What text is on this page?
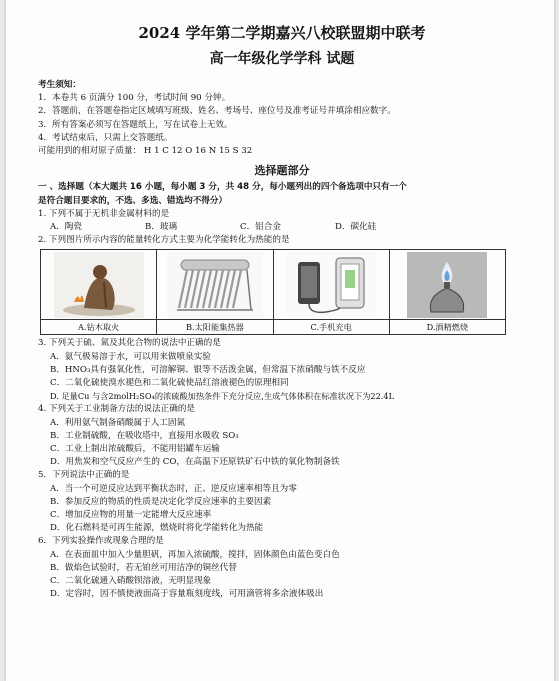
2024 学年第二学期嘉兴八校联盟期中联考
高一年级化学学科 试题
考生须知：
1．本卷共 6 页满分 100 分，考试时间 90 分钟。
2．答题前，在答题卷指定区域填写班级、姓名、考场号、座位号及准考证号并填涂相应数字。
3．所有答案必须写在答题纸上，写在试卷上无效。
4．考试结束后，只需上交答题纸。
可能用到的相对原子质量： H 1 C 12 O 16 N 15 S 32
选择题部分
一 、选择题（本大题共 16 小题，每小题 3 分，共 48 分，每小题列出的四个备选项中只有一个
是符合题目要求的，不选、多选、错选均不得分）
1. 下列不属于无机非金属材料的是
A．陶瓷	B．玻璃	C．铝合金	D．碳化硅
2. 下列图片所示内容的能量转化方式主要为化学能转化为热能的是

A.钻木取火	B.太阳能集热器	C.手机充电	D.酒精燃烧
3. 下列关于硫、氮及其化合物的说法中正确的是
A．氨气极易溶于水，可以用来做喷泉实验
B．HNO₃具有强氧化性，可溶解铜、银等不活泼金属，但常温下浓硝酸与铁不反应
C．二氧化硫使溴水褪色和二氧化硫使品红溶液褪色的原理相同
D. 足量Cu 与含2molH₂SO₄的浓硫酸加热条件下充分反应,生成气体体积在标准状况下为22.4L
4. 下列关于工业制备方法的说法正确的是
A．利用氨气制备硝酸属于人工固氮
B．工业制硫酸，在吸收塔中，直接用水吸收 SO₃
C．工业上制出浓硫酸后，不能用铝罐车运输
D．用焦炭和空气反应产生的 CO，在高温下还原铁矿石中铁的氧化物制备铁
5．下列说法中正确的是
A．当一个可逆反应达到平衡状态时，正、逆反应速率相等且为零
B．参加反应的物质的性质是决定化学反应速率的主要因素
C．增加反应物的用量一定能增大反应速率
D．化石燃料是可再生能源，燃烧时将化学能转化为热能
6．下列实验操作或现象合理的是
A．在表面皿中加入少量胆矾，再加入浓硫酸，搅拌，固体颜色由蓝色变白色
B．做焰色试验时，若无铂丝可用洁净的铜丝代替
C．二氧化硫通入硝酸钡溶液，无明显现象
D．定容时，因不慎使液面高于容量瓶刻度线，可用滴管将多余液体吸出
